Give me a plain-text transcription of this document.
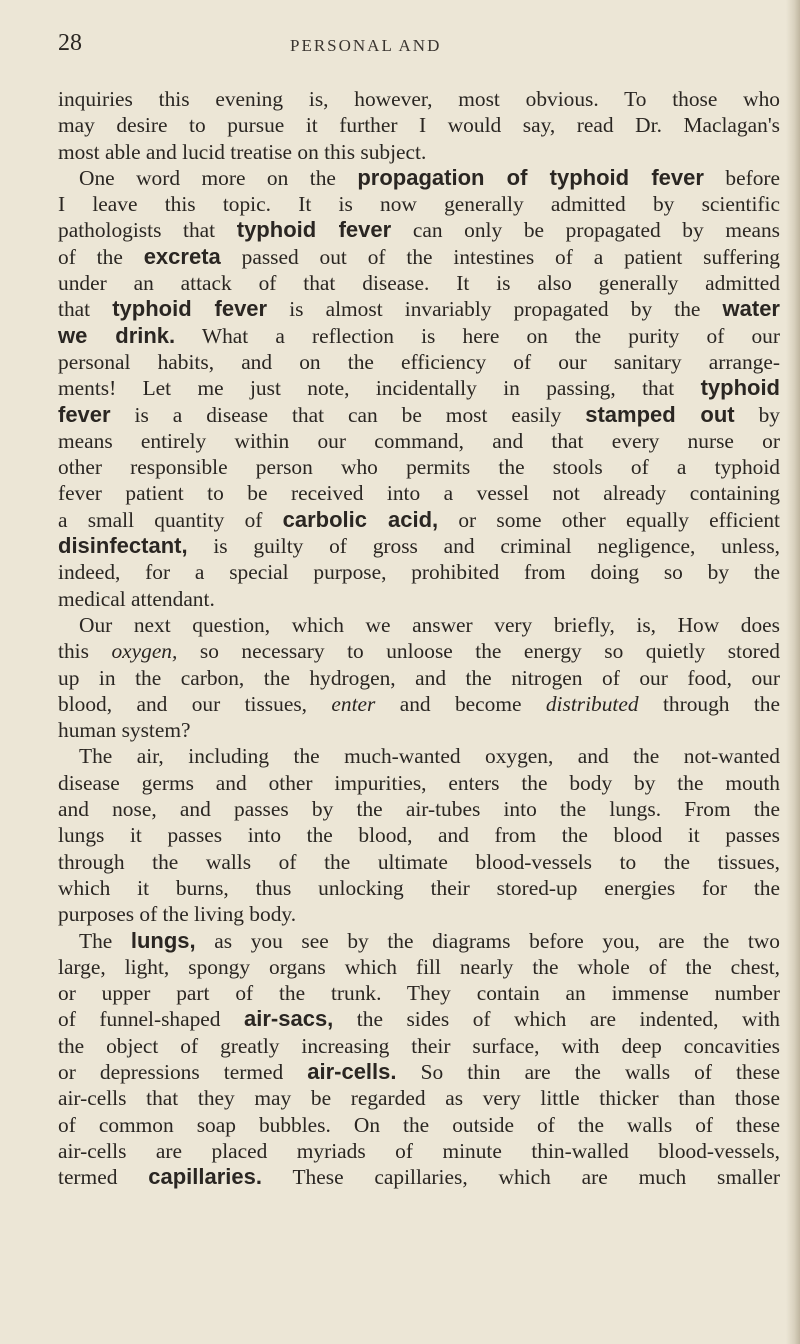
28	PERSONAL AND
inquiries this evening is, however, most obvious. To those who
may desire to pursue it further I would say, read Dr. Maclagan's
most able and lucid treatise on this subject.
One word more on the propagation of typhoid fever before
I leave this topic. It is now generally admitted by scientific
pathologists that typhoid fever can only be propagated by means
of the excreta passed out of the intestines of a patient suffering
under an attack of that disease. It is also generally admitted
that typhoid fever is almost invariably propagated by the water
we drink. What a reflection is here on the purity of our
personal habits, and on the efficiency of our sanitary arrange-
ments! Let me just note, incidentally in passing, that typhoid
fever is a disease that can be most easily stamped out by
means entirely within our command, and that every nurse or
other responsible person who permits the stools of a typhoid
fever patient to be received into a vessel not already containing
a small quantity of carbolic acid, or some other equally efficient
disinfectant, is guilty of gross and criminal negligence, unless,
indeed, for a special purpose, prohibited from doing so by the
medical attendant.
Our next question, which we answer very briefly, is, How does
this oxygen, so necessary to unloose the energy so quietly stored
up in the carbon, the hydrogen, and the nitrogen of our food, our
blood, and our tissues, enter and become distributed through the
human system?
The air, including the much-wanted oxygen, and the not-wanted
disease germs and other impurities, enters the body by the mouth
and nose, and passes by the air-tubes into the lungs. From the
lungs it passes into the blood, and from the blood it passes
through the walls of the ultimate blood-vessels to the tissues,
which it burns, thus unlocking their stored-up energies for the
purposes of the living body.
The lungs, as you see by the diagrams before you, are the two
large, light, spongy organs which fill nearly the whole of the chest,
or upper part of the trunk. They contain an immense number
of funnel-shaped air-sacs, the sides of which are indented, with
the object of greatly increasing their surface, with deep concavities
or depressions termed air-cells. So thin are the walls of these
air-cells that they may be regarded as very little thicker than those
of common soap bubbles. On the outside of the walls of these
air-cells are placed myriads of minute thin-walled blood-vessels,
termed capillaries. These capillaries, which are much smaller
